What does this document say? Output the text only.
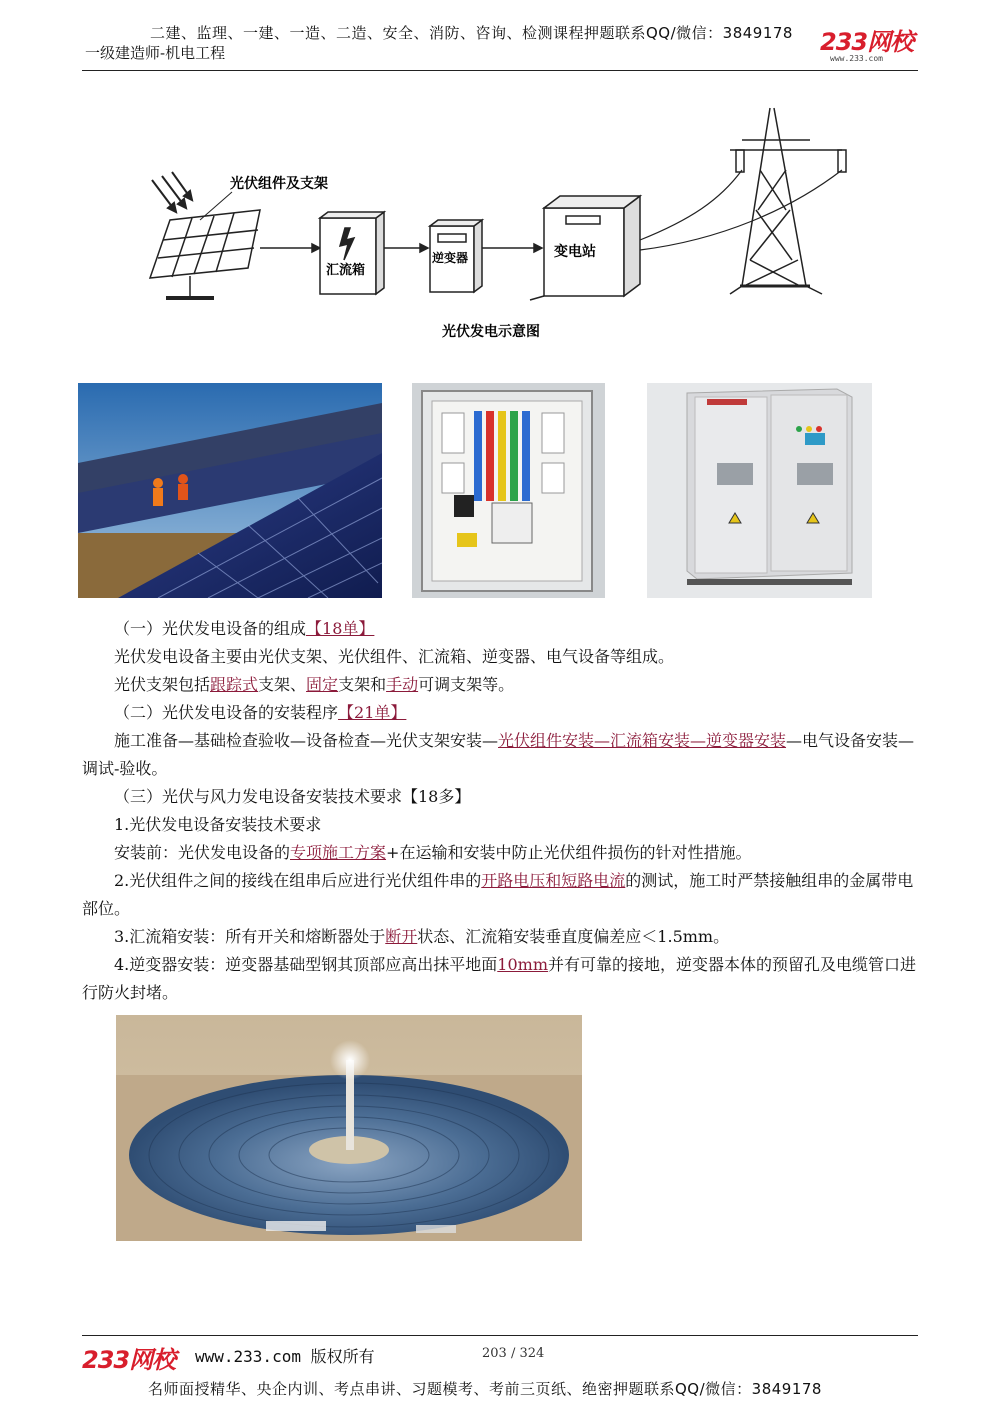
二建、监理、一建、一造、二造、安全、消防、咨询、检测课程押题联系QQ/微信：3849178
一级建造师-机电工程	233网校
www.233.com
光伏组件及支架
汇流箱
逆变器	变电站
光伏发电示意图

（一）光伏发电设备的组成【18单】

光伏发电设备主要由光伏支架、光伏组件、汇流箱、逆变器、电气设备等组成。

光伏支架包括跟踪式支架、固定支架和手动可调支架等。

（二）光伏发电设备的安装程序【21单】

施工准备—基础检查验收—设备检查—光伏支架安装—光伏组件安装—汇流箱安装—逆变器安装—电气设备安装—调试-验收。

（三）光伏与风力发电设备安装技术要求【18多】

1.光伏发电设备安装技术要求

安装前：光伏发电设备的专项施工方案+在运输和安装中防止光伏组件损伤的针对性措施。

2.光伏组件之间的接线在组串后应进行光伏组件串的开路电压和短路电流的测试，施工时严禁接触组串的金属带电部位。

3.汇流箱安装：所有开关和熔断器处于断开状态、汇流箱安装垂直度偏差应＜1.5mm。

4.逆变器安装：逆变器基础型钢其顶部应高出抹平地面10mm并有可靠的接地，逆变器本体的预留孔及电缆管口进行防火封堵。

233网校 www.233.com 版权所有	203 / 324
名师面授精华、央企内训、考点串讲、习题模考、考前三页纸、绝密押题联系QQ/微信：3849178
